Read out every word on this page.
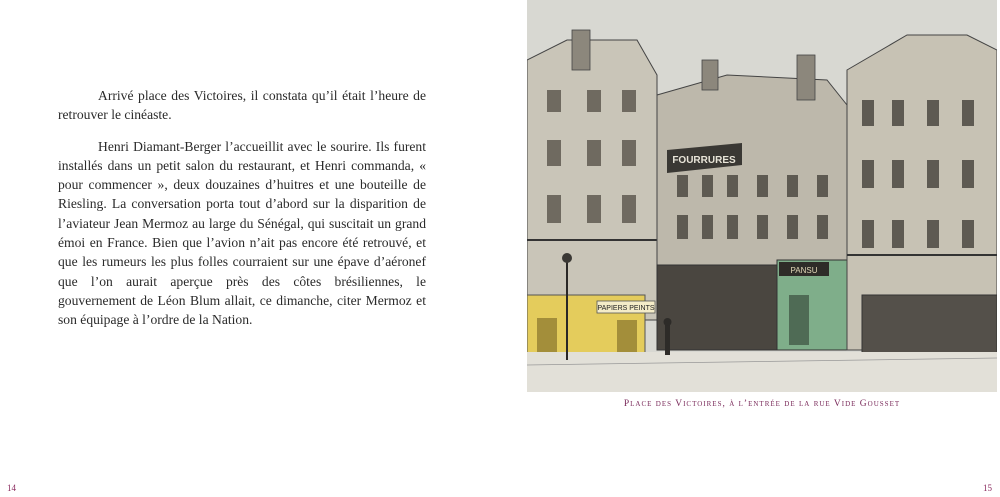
Arrivé place des Victoires, il constata qu’il était l’heure de retrouver le cinéaste.

Henri Diamant-Berger l’accueillit avec le sourire. Ils furent installés dans un petit salon du restaurant, et Henri commanda, « pour commencer », deux douzaines d’huitres et une bouteille de Riesling. La conversation porta tout d’abord sur la disparition de l’aviateur Jean Mermoz au large du Sénégal, qui suscitait un grand émoi en France. Bien que l’avion n’ait pas encore été retrouvé, et que les rumeurs les plus folles courraient sur une épave d’aéronef que l’on aurait aperçue près des côtes brésiliennes, le gouvernement de Léon Blum allait, ce dimanche, citer Mermoz et son équipage à l’ordre de la Nation.

14
PAPIERS PEINTS
FOURRURES
PANSU
Place des Victoires, à l’entrée de la rue Vide Gousset
15
